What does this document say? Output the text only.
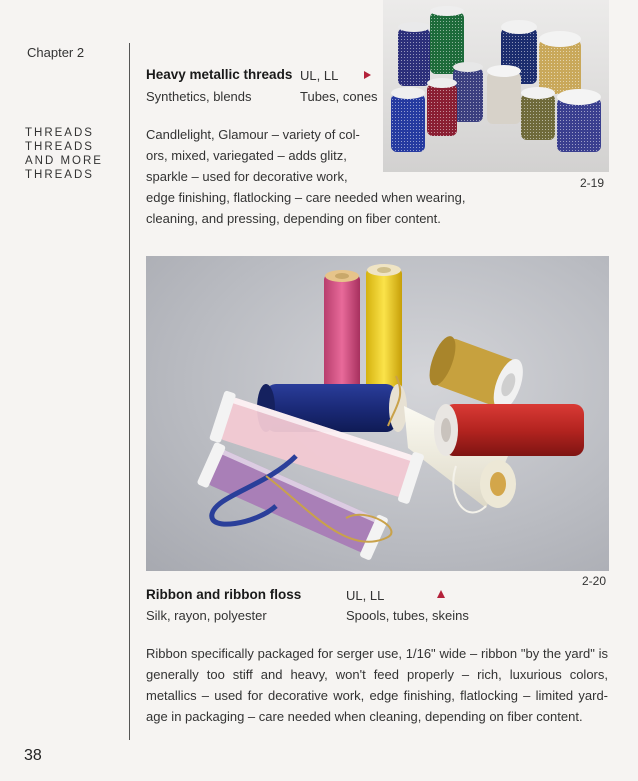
Chapter 2
THREADS
THREADS
AND MORE
THREADS
38
Heavy metallic threads UL, LL
Synthetics, blends	Tubes, cones
Candlelight, Glamour – variety of col-
ors, mixed, variegated – adds glitz,
sparkle – used for decorative work,
edge finishing, flatlocking – care needed when wearing,
cleaning, and pressing, depending on fiber content.
2-19
2-20
Ribbon and ribbon floss	UL, LL
Silk, rayon, polyester	Spools, tubes, skeins
Ribbon specifically packaged for serger use, 1/16" wide – ribbon "by the yard" is generally too stiff and heavy, won't feed properly – rich, luxurious colors, metallics – used for decorative work, edge finishing, flatlocking – limited yard-age in packaging – care needed when cleaning, depending on fiber content.
